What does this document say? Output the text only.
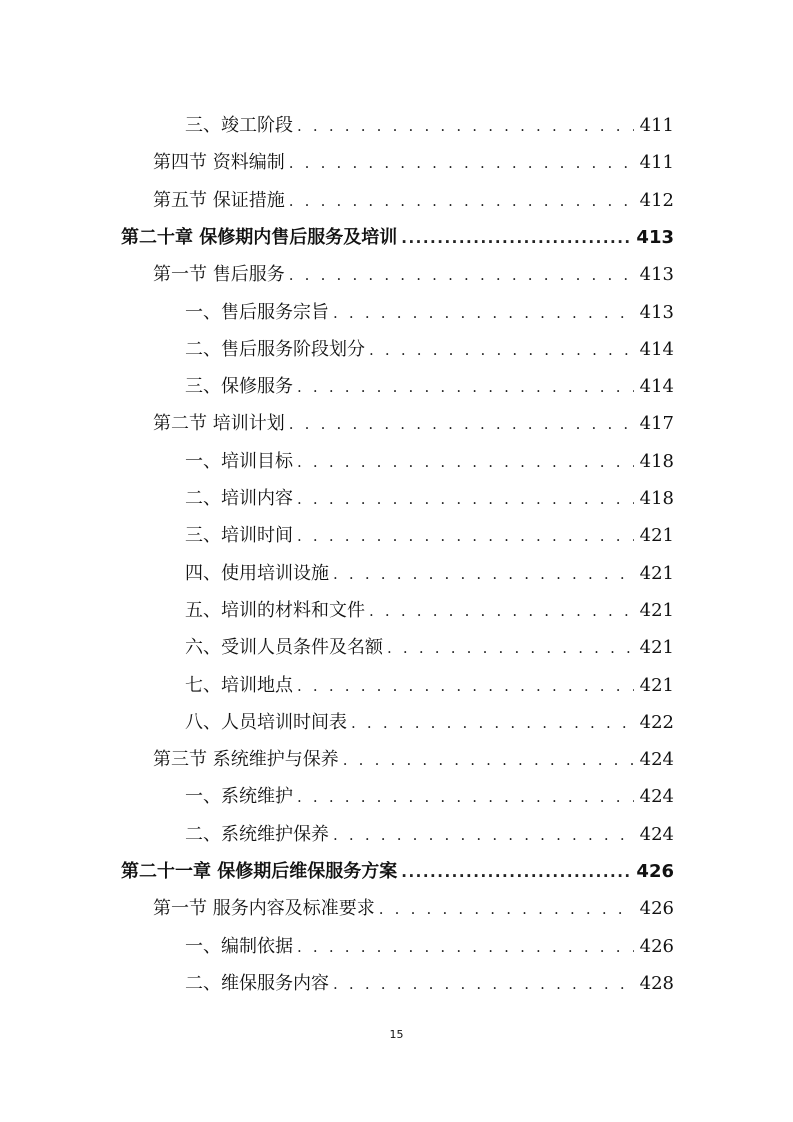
三、竣工阶段 . . .	411
第四节 资料编制 . . .	411
第五节 保证措施 . . .	412
第二十章 保修期内售后服务及培训 .....	413
第一节 售后服务 . . .	413
一、售后服务宗旨 . . .	413
二、售后服务阶段划分 . . .	414
三、保修服务 . . .	414
第二节 培训计划 . . .	417
一、培训目标 . . .	418
二、培训内容 . . .	418
三、培训时间 . . .	421
四、使用培训设施 . . .	421
五、培训的材料和文件 . . .	421
六、受训人员条件及名额 . . .	421
七、培训地点 . . .	421
八、人员培训时间表 . . .	422
第三节 系统维护与保养 . . .	424
一、系统维护 . . .	424
二、系统维护保养 . . .	424
第二十一章 保修期后维保服务方案 .....	426
第一节 服务内容及标准要求 . . .	426
一、编制依据 . . .	426
二、维保服务内容 . . .	428
15
